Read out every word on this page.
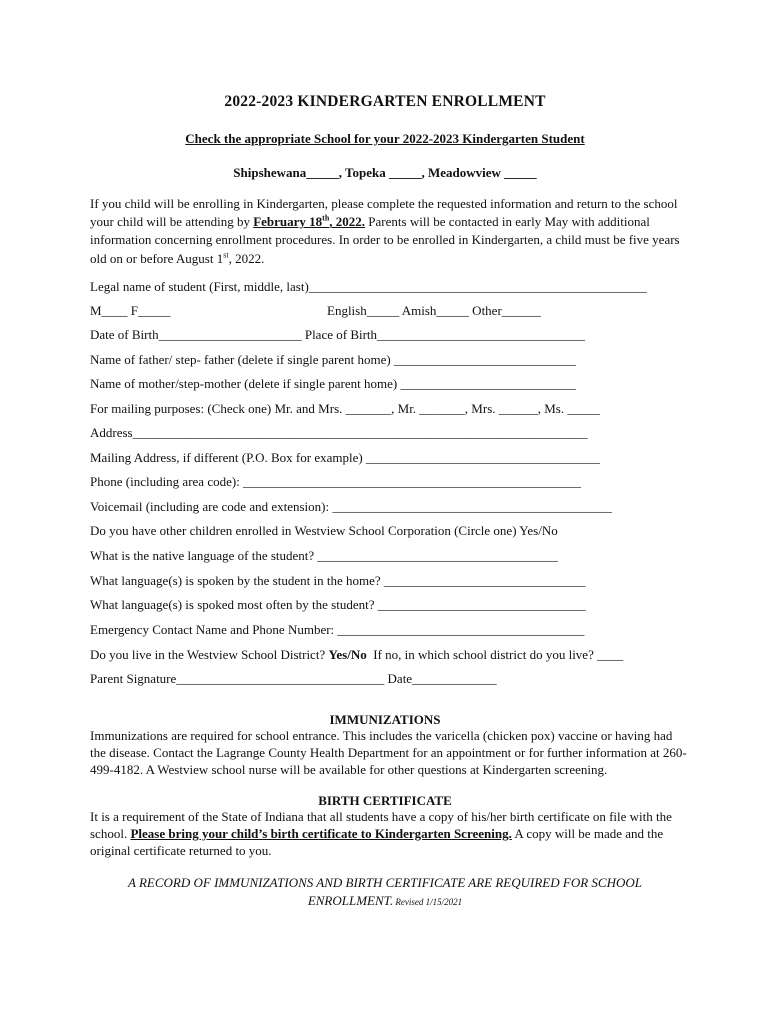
2022-2023 KINDERGARTEN ENROLLMENT
Check the appropriate School for your 2022-2023 Kindergarten Student
Shipshewana_____, Topeka _____, Meadowview _____
If you child will be enrolling in Kindergarten, please complete the requested information and return to the school your child will be attending by February 18th, 2022. Parents will be contacted in early May with additional information concerning enrollment procedures. In order to be enrolled in Kindergarten, a child must be five years old on or before August 1st, 2022.
Legal name of student (First, middle, last)____________________________________________________
M____ F_____	English_____ Amish_____ Other______
Date of Birth______________________ Place of Birth________________________________
Name of father/ step- father (delete if single parent home) ____________________________
Name of mother/step-mother (delete if single parent home) ___________________________
For mailing purposes: (Check one) Mr. and Mrs. _______, Mr. _______, Mrs. ______, Ms. _____
Address______________________________________________________________________
Mailing Address, if different (P.O. Box for example) ____________________________________
Phone (including area code): ____________________________________________________
Voicemail (including are code and extension): ___________________________________________
Do you have other children enrolled in Westview School Corporation (Circle one) Yes/No
What is the native language of the student? _____________________________________
What language(s) is spoken by the student in the home? _______________________________
What language(s) is spoked most often by the student? ________________________________
Emergency Contact Name and Phone Number: ______________________________________
Do you live in the Westview School District? Yes/No  If no, in which school district do you live? ____
Parent Signature________________________________ Date_____________
IMMUNIZATIONS
Immunizations are required for school entrance. This includes the varicella (chicken pox) vaccine or having had the disease. Contact the Lagrange County Health Department for an appointment or for further information at 260-499-4182. A Westview school nurse will be available for other questions at Kindergarten screening.
BIRTH CERTIFICATE
It is a requirement of the State of Indiana that all students have a copy of his/her birth certificate on file with the school. Please bring your child’s birth certificate to Kindergarten Screening. A copy will be made and the original certificate returned to you.
A RECORD OF IMMUNIZATIONS AND BIRTH CERTIFICATE ARE REQUIRED FOR SCHOOL ENROLLMENT. Revised 1/15/2021
